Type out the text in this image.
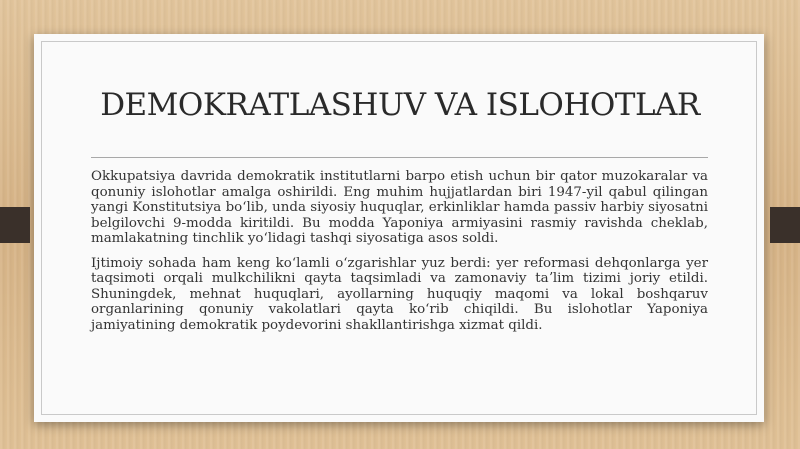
DEMOKRATLASHUV VA ISLOHOTLAR

Okkupatsiya davrida demokratik institutlarni barpo etish uchun bir qator muzokaralar va qonuniy islohotlar amalga oshirildi. Eng muhim hujjatlardan biri 1947-yil qabul qilingan yangi Konstitutsiya boʻlib, unda siyosiy huquqlar, erkinliklar hamda passiv harbiy siyosatni belgilovchi 9-modda kiritildi. Bu modda Yaponiya armiyasini rasmiy ravishda cheklab, mamlakatning tinchlik yoʻlidagi tashqi siyosatiga asos soldi.

Ijtimoiy sohada ham keng koʻlamli oʻzgarishlar yuz berdi: yer reformasi dehqonlarga yer taqsimoti orqali mulkchilikni qayta taqsimladi va zamonaviy taʼlim tizimi joriy etildi. Shuningdek, mehnat huquqlari, ayollarning huquqiy maqomi va lokal boshqaruv organlarining qonuniy vakolatlari qayta koʻrib chiqildi. Bu islohotlar Yaponiya jamiyatining demokratik poydevorini shakllantirishga xizmat qildi.
